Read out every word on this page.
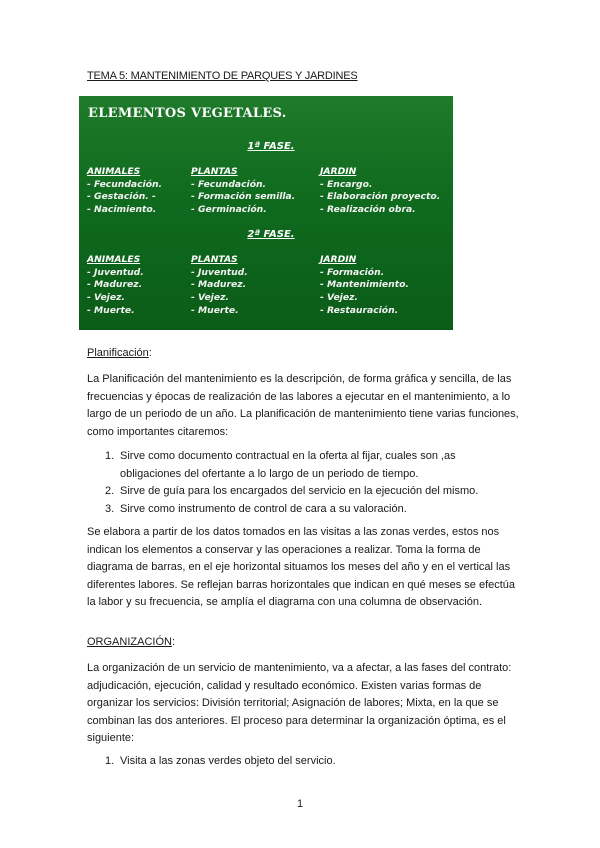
TEMA 5: MANTENIMIENTO DE PARQUES Y JARDINES
ELEMENTOS VEGETALES.
1ª FASE.
ANIMALES
- Fecundación.
- Gestación. -
- Nacimiento.
PLANTAS
- Fecundación.
- Formación semilla.
- Germinación.
JARDIN
- Encargo.
- Elaboración proyecto.
- Realización obra.
2ª FASE.
ANIMALES
- Juventud.
- Madurez.
- Vejez.
- Muerte.
PLANTAS
- Juventud.
- Madurez.
- Vejez.
- Muerte.
JARDIN
- Formación.
- Mantenimiento.
- Vejez.
- Restauración.
Planificación:

La Planificación del mantenimiento es la descripción, de forma gráfica y sencilla, de las frecuencias y épocas de realización de las labores a ejecutar en el mantenimiento, a lo largo de un periodo de un año. La planificación de mantenimiento tiene varias funciones, como importantes citaremos:

1. Sirve como documento contractual en la oferta al fijar, cuales son ,as obligaciones del ofertante a lo largo de un periodo de tiempo.
2. Sirve de guía para los encargados del servicio en la ejecución del mismo.
3. Sirve como instrumento de control de cara a su valoración.

Se elabora a partir de los datos tomados en las visitas a las zonas verdes, estos nos indican los elementos a conservar y las operaciones a realizar. Toma la forma de diagrama de barras, en el eje horizontal situamos los meses del año y en el vertical las diferentes labores. Se reflejan barras horizontales que indican en qué meses se efectúa la labor y su frecuencia, se amplía el diagrama con una columna de observación.

ORGANIZACIÓN:

La organización de un servicio de mantenimiento, va a afectar, a las fases del contrato: adjudicación, ejecución, calidad y resultado económico. Existen varias formas de organizar los servicios: División territorial; Asignación de labores; Mixta, en la que se combinan las dos anteriores. El proceso para determinar la organización óptima, es el siguiente:

1. Visita a las zonas verdes objeto del servicio.
1
